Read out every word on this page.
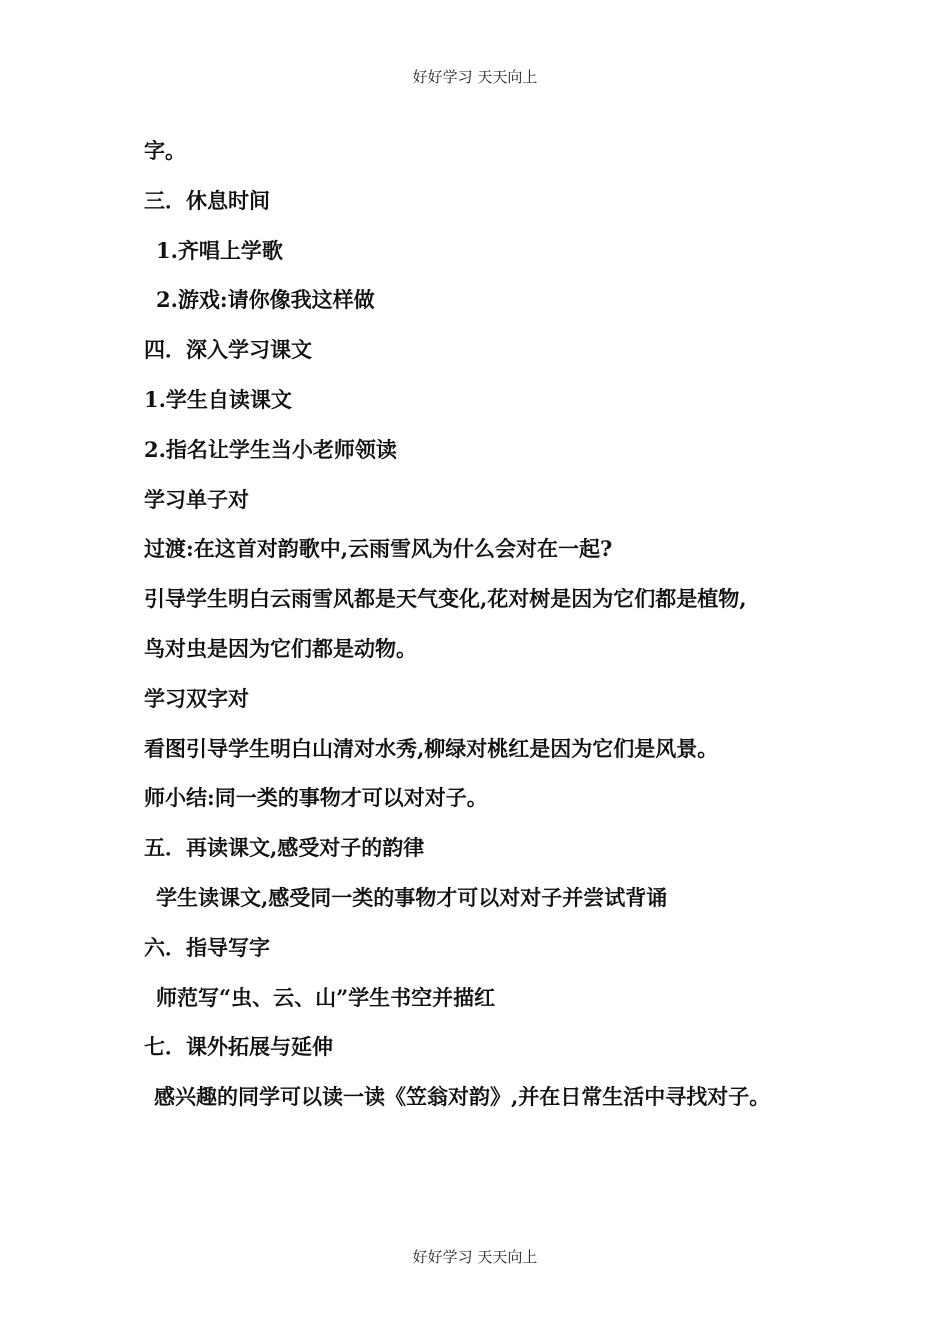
好好学习 天天向上
字。
三．休息时间
1.齐唱上学歌
2.游戏:请你像我这样做
四．深入学习课文
1.学生自读课文
2.指名让学生当小老师领读
学习单子对
过渡:在这首对韵歌中,云雨雪风为什么会对在一起?
引导学生明白云雨雪风都是天气变化,花对树是因为它们都是植物,
鸟对虫是因为它们都是动物。
学习双字对
看图引导学生明白山清对水秀,柳绿对桃红是因为它们是风景。
师小结:同一类的事物才可以对对子。
五．再读课文,感受对子的韵律
学生读课文,感受同一类的事物才可以对对子并尝试背诵
六．指导写字
师范写“虫、云、山”学生书空并描红
七．课外拓展与延伸
感兴趣的同学可以读一读《笠翁对韵》,并在日常生活中寻找对子。
好好学习 天天向上
